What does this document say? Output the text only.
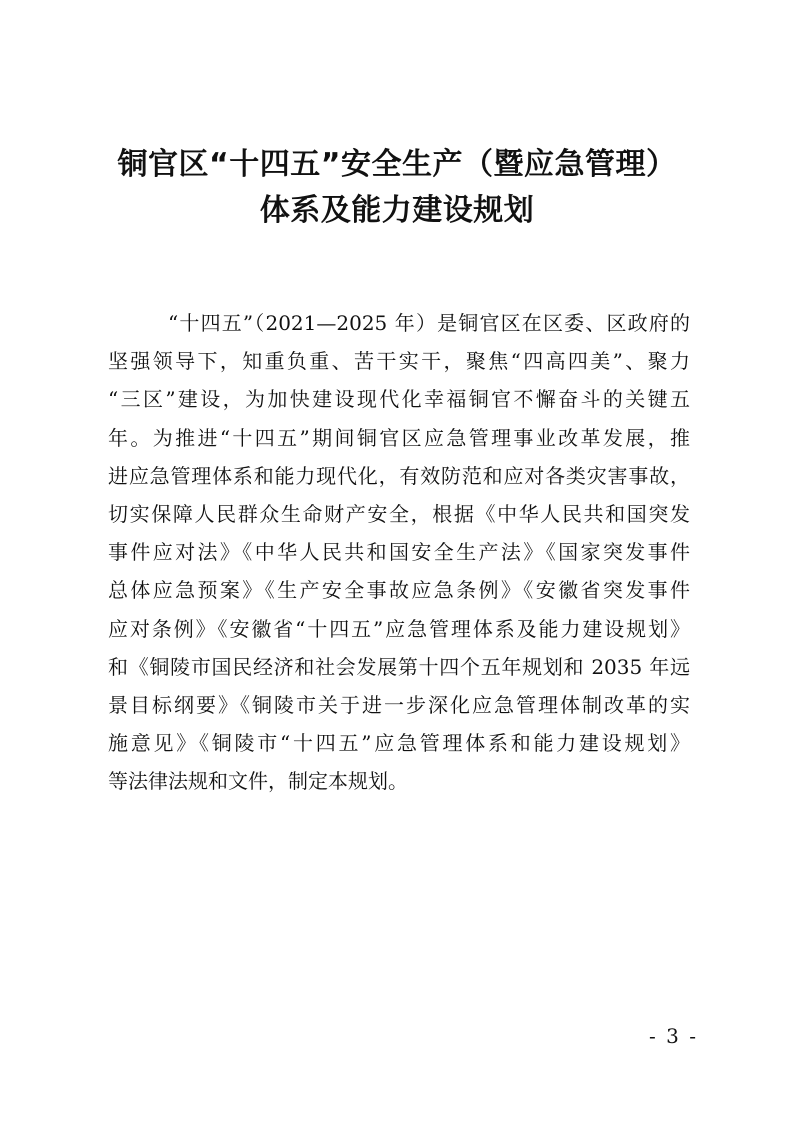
铜官区“十四五”安全生产（暨应急管理）
体系及能力建设规划
“十四五”（2021—2025 年）是铜官区在区委、区政府的
坚强领导下，知重负重、苦干实干，聚焦“四高四美”、聚力
“三区”建设，为加快建设现代化幸福铜官不懈奋斗的关键五
年。为推进“十四五”期间铜官区应急管理事业改革发展，推
进应急管理体系和能力现代化，有效防范和应对各类灾害事故，
切实保障人民群众生命财产安全，根据《中华人民共和国突发
事件应对法》《中华人民共和国安全生产法》《国家突发事件
总体应急预案》《生产安全事故应急条例》《安徽省突发事件
应对条例》《安徽省“十四五”应急管理体系及能力建设规划》
和《铜陵市国民经济和社会发展第十四个五年规划和 2035 年远
景目标纲要》《铜陵市关于进一步深化应急管理体制改革的实
施意见》《铜陵市“十四五”应急管理体系和能力建设规划》
等法律法规和文件，制定本规划。
- 3 -
